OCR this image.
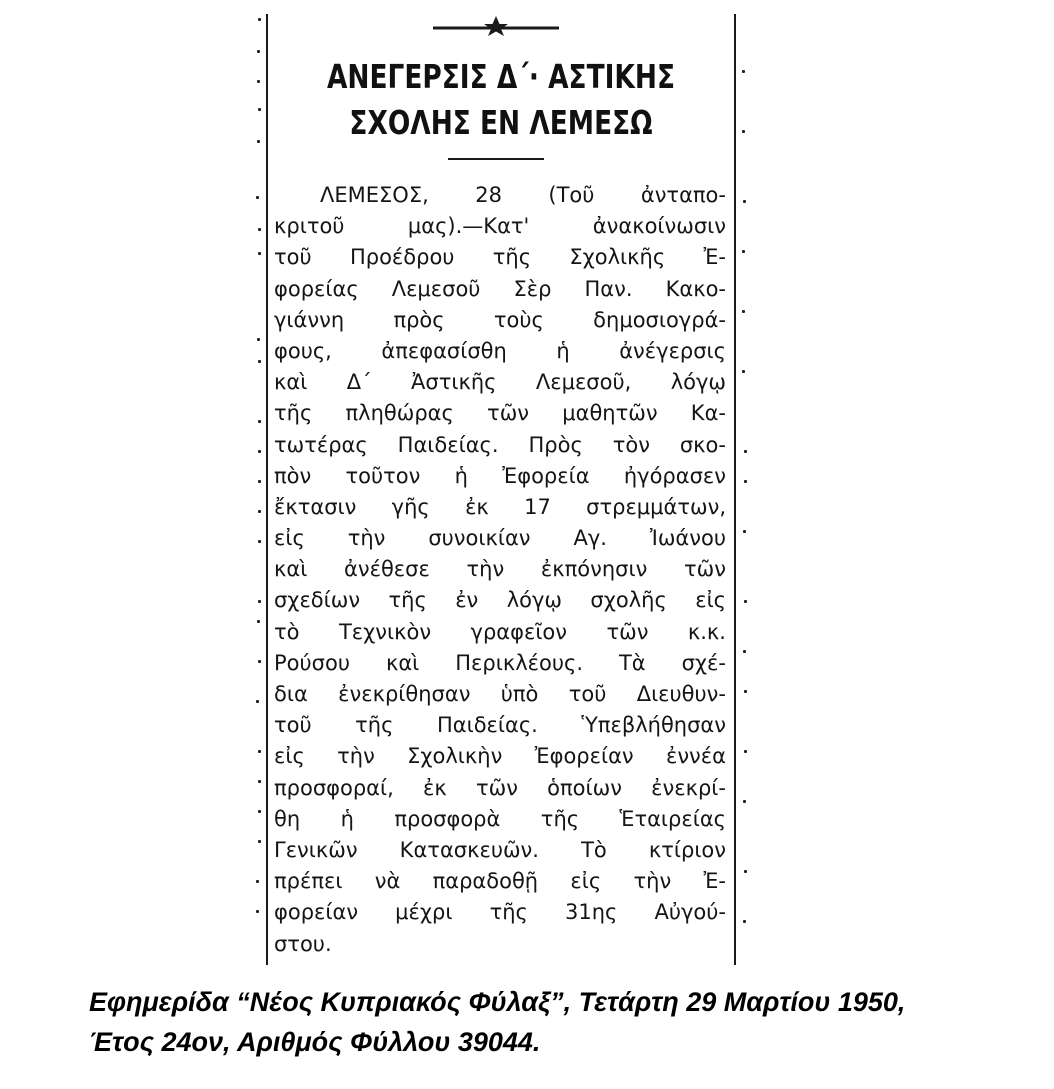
ΑΝΕΓΕΡΣΙΣ Δ΄· ΑΣΤΙΚΗΣ
ΣΧΟΛΗΣ ΕΝ ΛΕΜΕΣΩ
ΛΕΜΕΣΟΣ, 28 (Τοῦ ἀνταπο-
κριτοῦ μας).—Κατ' ἀνακοίνωσιν
τοῦ Προέδρου τῆς Σχολικῆς Ἐ-
φορείας Λεμεσοῦ Σὲρ Παν. Κακο-
γιάννη πρὸς τοὺς δημοσιογρά-
φους, ἀπεφασίσθη ἡ ἀνέγερσις
καὶ Δ΄ Ἀστικῆς Λεμεσοῦ, λόγῳ
τῆς πληθώρας τῶν μαθητῶν Κα-
τωτέρας Παιδείας. Πρὸς τὸν σκο-
πὸν τοῦτον ἡ Ἐφορεία ἠγόρασεν
ἔκτασιν γῆς ἐκ 17 στρεμμάτων,
εἰς τὴν συνοικίαν Αγ. Ἰωάνου
καὶ ἀνέθεσε τὴν ἐκπόνησιν τῶν
σχεδίων τῆς ἐν λόγῳ σχολῆς εἰς
τὸ Τεχνικὸν γραφεῖον τῶν κ.κ.
Ρούσου καὶ Περικλέους. Τὰ σχέ-
δια ἐνεκρίθησαν ὑπὸ τοῦ Διευθυν-
τοῦ τῆς Παιδείας. Ὑπεβλήθησαν
εἰς τὴν Σχολικὴν Ἐφορείαν ἐννέα
προσφοραί, ἐκ τῶν ὁποίων ἐνεκρί-
θη ἡ προσφορὰ τῆς Ἑταιρείας
Γενικῶν Κατασκευῶν. Τὸ κτίριον
πρέπει νὰ παραδοθῇ εἰς τὴν Ἐ-
φορείαν μέχρι τῆς 31ης Αὐγού-
στου.
Εφημερίδα “Νέος Κυπριακός Φύλαξ”, Τετάρτη 29 Μαρτίου 1950,
Έτος 24ον, Αριθμός Φύλλου 39044.
